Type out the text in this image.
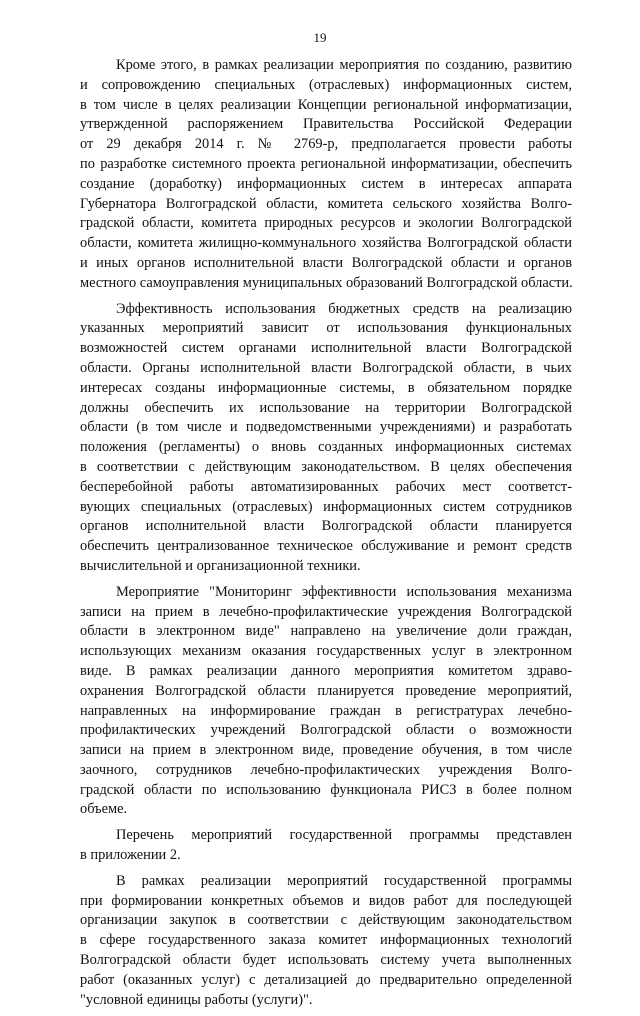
19
Кроме этого, в рамках реализации мероприятия по созданию, развитию
и сопровождению специальных (отраслевых) информационных систем,
в том числе в целях реализации Концепции региональной информатизации,
утвержденной распоряжением Правительства Российской Федерации
от 29 декабря 2014 г. № 2769-р, предполагается провести работы
по разработке системного проекта региональной информатизации, обеспечить
создание (доработку) информационных систем в интересах аппарата
Губернатора Волгоградской области, комитета сельского хозяйства Волго-
градской области, комитета природных ресурсов и экологии Волгоградской
области, комитета жилищно-коммунального хозяйства Волгоградской области
и иных органов исполнительной власти Волгоградской области и органов
местного самоуправления муниципальных образований Волгоградской области.
Эффективность использования бюджетных средств на реализацию
указанных мероприятий зависит от использования функциональных
возможностей систем органами исполнительной власти Волгоградской
области. Органы исполнительной власти Волгоградской области, в чьих
интересах созданы информационные системы, в обязательном порядке
должны обеспечить их использование на территории Волгоградской
области (в том числе и подведомственными учреждениями) и разработать
положения (регламенты) о вновь созданных информационных системах
в соответствии с действующим законодательством. В целях обеспечения
бесперебойной работы автоматизированных рабочих мест соответст-
вующих специальных (отраслевых) информационных систем сотрудников
органов исполнительной власти Волгоградской области планируется
обеспечить централизованное техническое обслуживание и ремонт средств
вычислительной и организационной техники.
Мероприятие "Мониторинг эффективности использования механизма
записи на прием в лечебно-профилактические учреждения Волгоградской
области в электронном виде" направлено на увеличение доли граждан,
использующих механизм оказания государственных услуг в электронном
виде. В рамках реализации данного мероприятия комитетом здраво-
охранения Волгоградской области планируется проведение мероприятий,
направленных на информирование граждан в регистратурах лечебно-
профилактических учреждений Волгоградской области о возможности
записи на прием в электронном виде, проведение обучения, в том числе
заочного, сотрудников лечебно-профилактических учреждения Волго-
градской области по использованию функционала РИСЗ в более полном
объеме.
Перечень мероприятий государственной программы представлен
в приложении 2.
В рамках реализации мероприятий государственной программы
при формировании конкретных объемов и видов работ для последующей
организации закупок в соответствии с действующим законодательством
в сфере государственного заказа комитет информационных технологий
Волгоградской области будет использовать систему учета выполненных
работ (оказанных услуг) с детализацией до предварительно определенной
"условной единицы работы (услуги)".
